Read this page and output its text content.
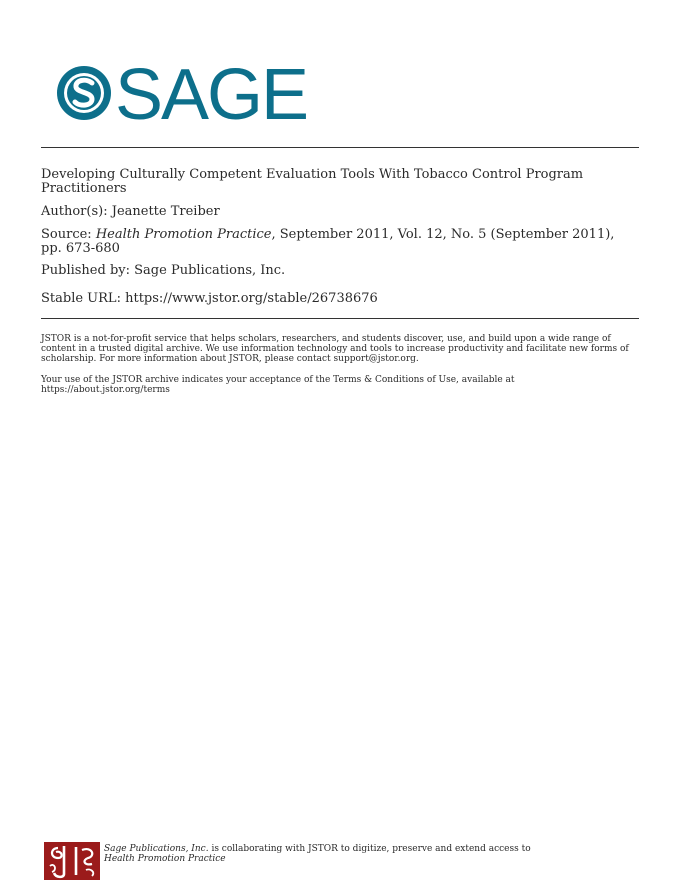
SAGE
Developing Culturally Competent Evaluation Tools With Tobacco Control Program Practitioners
Author(s): Jeanette Treiber
Source: Health Promotion Practice, September 2011, Vol. 12, No. 5 (September 2011), pp. 673-680
Published by: Sage Publications, Inc.
Stable URL: https://www.jstor.org/stable/26738676
JSTOR is a not-for-profit service that helps scholars, researchers, and students discover, use, and build upon a wide range of content in a trusted digital archive. We use information technology and tools to increase productivity and facilitate new forms of scholarship. For more information about JSTOR, please contact support@jstor.org.
Your use of the JSTOR archive indicates your acceptance of the Terms & Conditions of Use, available at https://about.jstor.org/terms
Sage Publications, Inc. is collaborating with JSTOR to digitize, preserve and extend access to
Health Promotion Practice
